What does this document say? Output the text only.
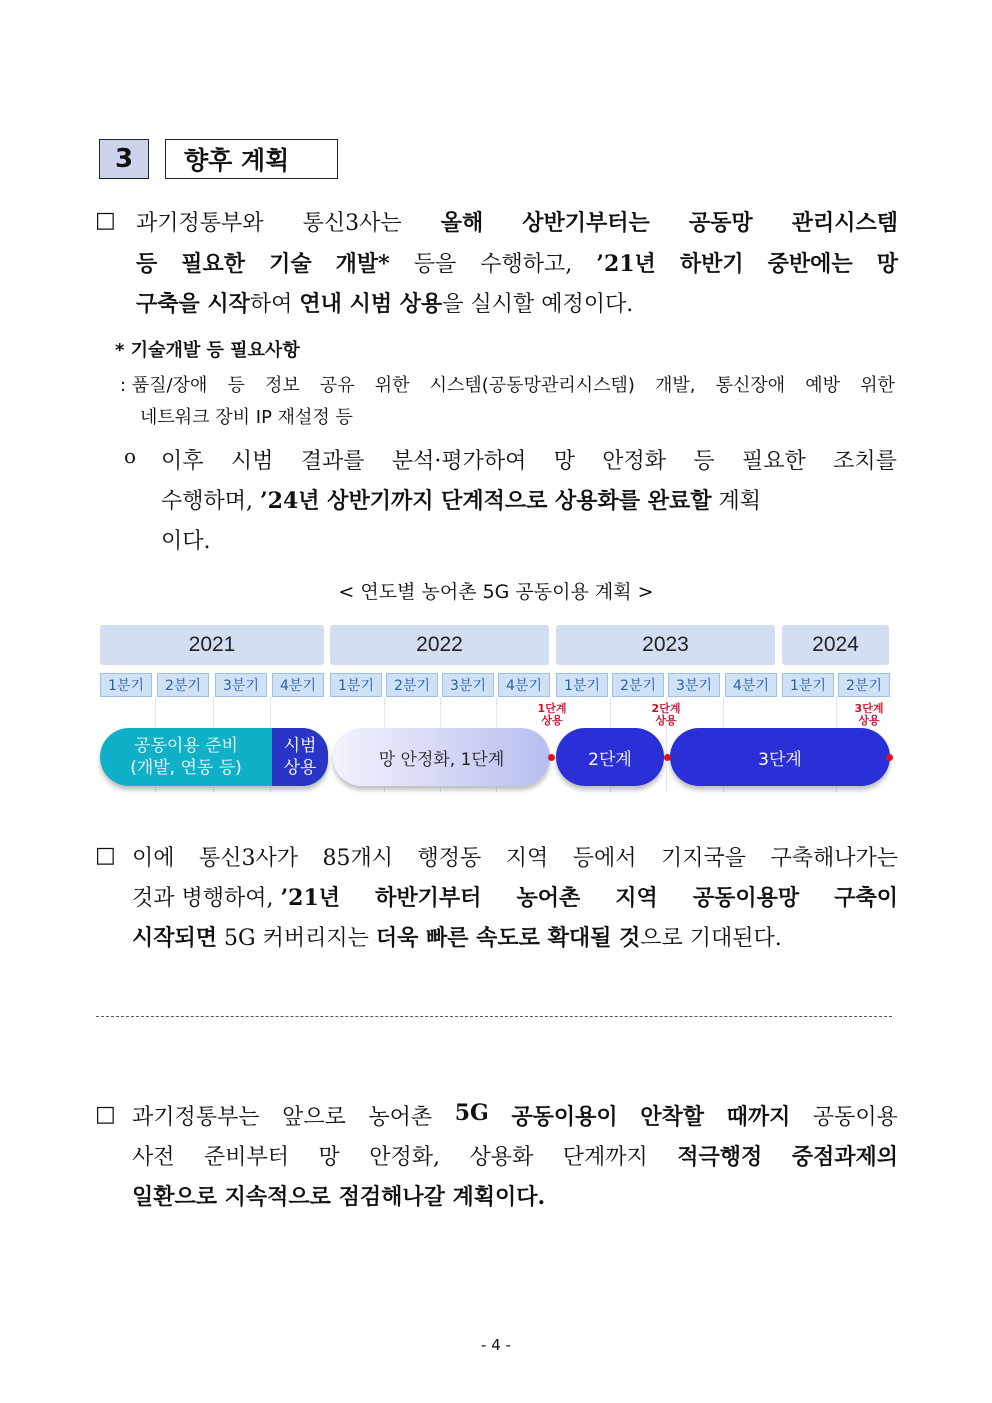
3	향후 계획
□ 과기정통부와 통신3사는 올해 상반기부터는 공동망 관리시스템
등 필요한 기술 개발* 등을 수행하고, ’21년 하반기 중반에는 망
구축을 시작하여 연내 시범 상용을 실시할 예정이다.
* 기술개발 등 필요사항
: 품질/장애 등 정보 공유 위한 시스템(공동망관리시스템) 개발, 통신장애 예방 위한
네트워크 장비 IP 재설정 등
o 이후 시범 결과를 분석·평가하여 망 안정화 등 필요한 조치를
수행하며, ’24년 상반기까지 단계적으로 상용화를 완료할 계획
이다.
< 연도별 농어촌 5G 공동이용 계획 >
2021	2022	2023	2024
1분기	2분기	3분기	4분기	1분기	2분기	3분기	4분기	1분기	2분기	3분기	4분기	1분기	2분기
1단계
상용
2단계
상용
3단계
상용
공동이용 준비
(개발, 연동 등)
시범
상용	망 안정화, 1단계	2단계	3단계
□ 이에 통신3사가 85개시 행정동 지역 등에서 기지국을 구축해나가는
것과 병행하여, ’21년 하반기부터 농어촌 지역 공동이용망 구축이
시작되면 5G 커버리지는 더욱 빠른 속도로 확대될 것으로 기대된다.
□ 과기정통부는 앞으로 농어촌 5G 공동이용이 안착할 때까지 공동이용
사전 준비부터 망 안정화, 상용화 단계까지 적극행정 중점과제의
일환으로 지속적으로 점검해나갈 계획이다.
- 4 -
